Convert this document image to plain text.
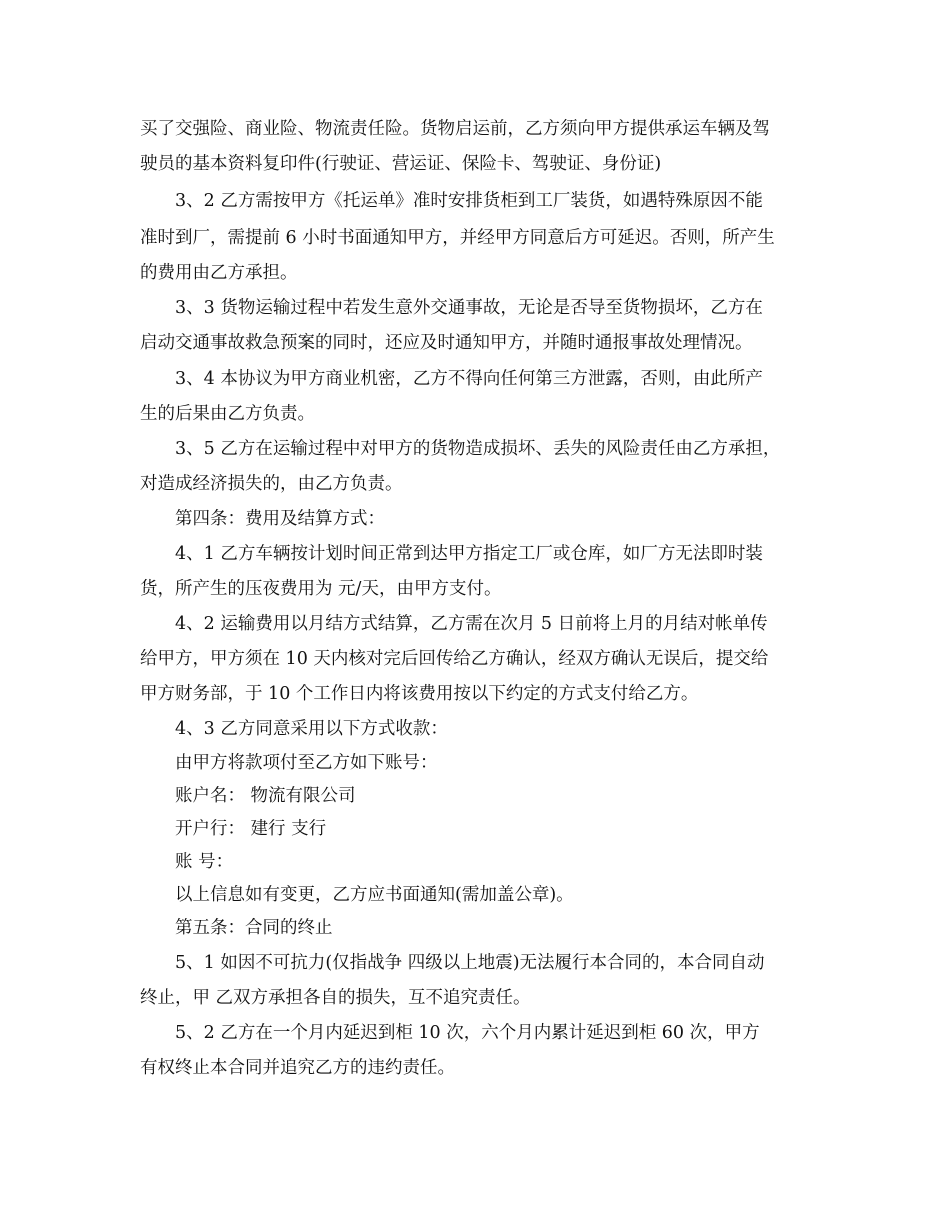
买了交强险、商业险、物流责任险。货物启运前，乙方须向甲方提供承运车辆及驾
驶员的基本资料复印件(行驶证、营运证、保险卡、驾驶证、身份证)
3、2 乙方需按甲方《托运单》准时安排货柜到工厂装货，如遇特殊原因不能
准时到厂，需提前 6 小时书面通知甲方，并经甲方同意后方可延迟。否则，所产生
的费用由乙方承担。
3、3 货物运输过程中若发生意外交通事故，无论是否导至货物损坏，乙方在
启动交通事故救急预案的同时，还应及时通知甲方，并随时通报事故处理情况。
3、4 本协议为甲方商业机密，乙方不得向任何第三方泄露，否则，由此所产
生的后果由乙方负责。
3、5 乙方在运输过程中对甲方的货物造成损坏、丢失的风险责任由乙方承担，
对造成经济损失的，由乙方负责。
第四条：费用及结算方式：
4、1 乙方车辆按计划时间正常到达甲方指定工厂或仓库，如厂方无法即时装
货，所产生的压夜费用为 元/天，由甲方支付。
4、2 运输费用以月结方式结算，乙方需在次月 5 日前将上月的月结对帐单传
给甲方，甲方须在 10 天内核对完后回传给乙方确认，经双方确认无误后，提交给
甲方财务部，于 10 个工作日内将该费用按以下约定的方式支付给乙方。
4、3 乙方同意采用以下方式收款：
由甲方将款项付至乙方如下账号：
账户名： 物流有限公司
开户行： 建行 支行
账 号：
以上信息如有变更，乙方应书面通知(需加盖公章)。
第五条：合同的终止
5、1 如因不可抗力(仅指战争 四级以上地震)无法履行本合同的，本合同自动
终止，甲 乙双方承担各自的损失，互不追究责任。
5、2 乙方在一个月内延迟到柜 10 次，六个月内累计延迟到柜 60 次，甲方
有权终止本合同并追究乙方的违约责任。
